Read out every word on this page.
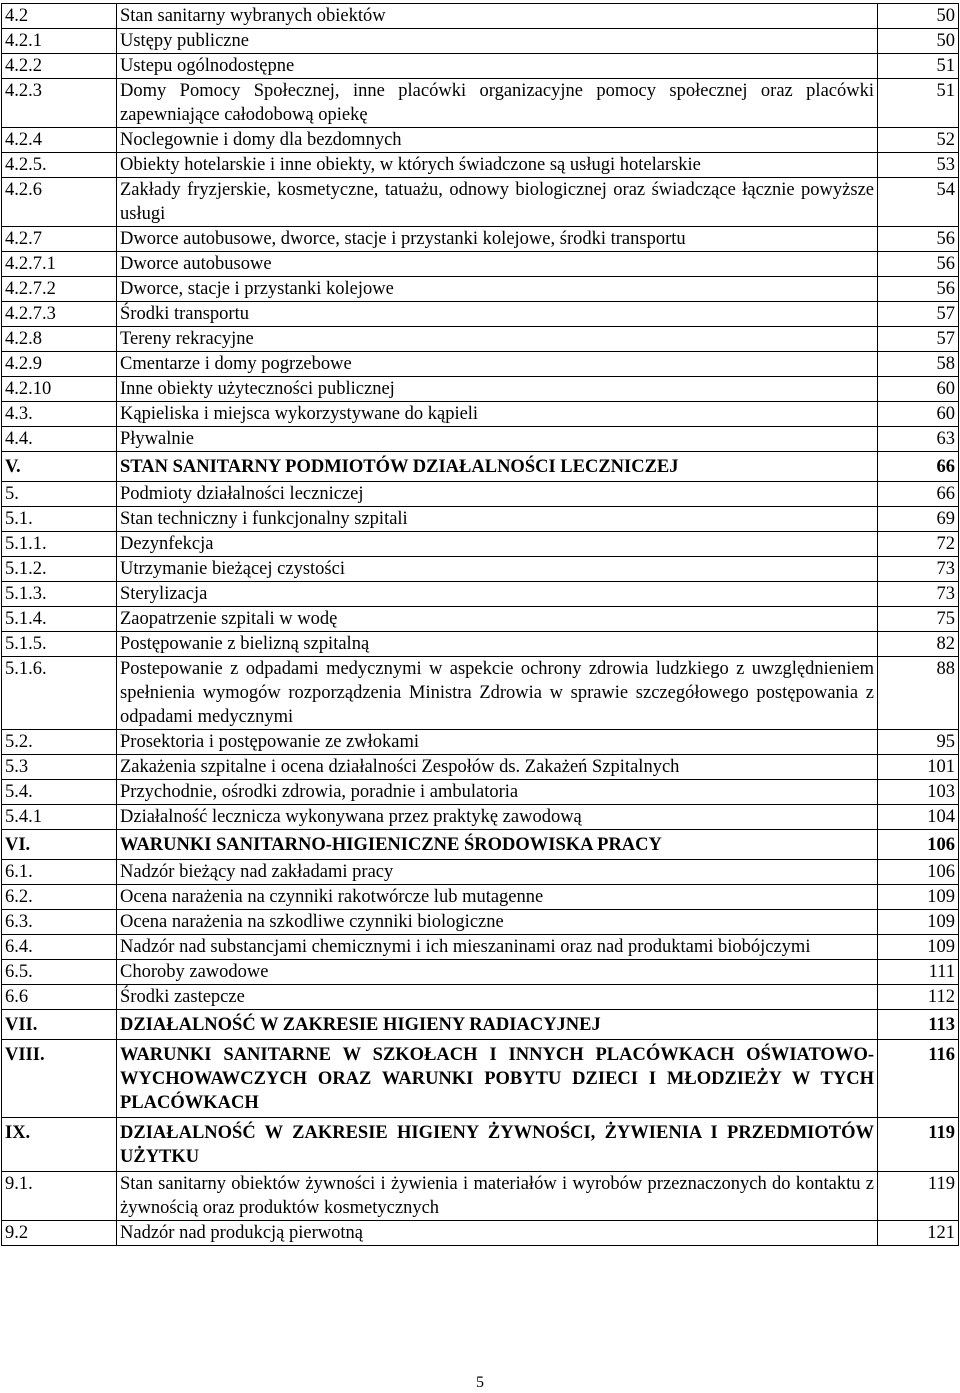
4.2	Stan sanitarny wybranych obiektów	50
4.2.1	Ustępy publiczne	50
4.2.2	Ustepu ogólnodostępne	51
4.2.3	Domy Pomocy Społecznej, inne placówki organizacyjne pomocy społecznej oraz placówki zapewniające całodobową opiekę	51
4.2.4	Noclegownie i domy dla bezdomnych	52
4.2.5.	Obiekty hotelarskie i inne obiekty, w których świadczone są usługi hotelarskie	53
4.2.6	Zakłady fryzjerskie, kosmetyczne, tatuażu, odnowy biologicznej oraz świadczące łącznie powyższe usługi	54
4.2.7	Dworce autobusowe, dworce, stacje i przystanki kolejowe, środki transportu	56
4.2.7.1	Dworce autobusowe	56
4.2.7.2	Dworce, stacje i przystanki kolejowe	56
4.2.7.3	Środki transportu	57
4.2.8	Tereny rekracyjne	57
4.2.9	Cmentarze i domy pogrzebowe	58
4.2.10	Inne obiekty użyteczności publicznej	60
4.3.	Kąpieliska i miejsca wykorzystywane do kąpieli	60
4.4.	Pływalnie	63
V.	STAN SANITARNY PODMIOTÓW DZIAŁALNOŚCI LECZNICZEJ	66
5.	Podmioty działalności leczniczej	66
5.1.	Stan techniczny i funkcjonalny szpitali	69
5.1.1.	Dezynfekcja	72
5.1.2.	Utrzymanie bieżącej czystości	73
5.1.3.	Sterylizacja	73
5.1.4.	Zaopatrzenie szpitali w wodę	75
5.1.5.	Postępowanie z bielizną szpitalną	82
5.1.6.	Postepowanie z odpadami medycznymi w aspekcie ochrony zdrowia ludzkiego z uwzględnieniem spełnienia wymogów rozporządzenia Ministra Zdrowia w sprawie szczegółowego postępowania z odpadami medycznymi	88
5.2.	Prosektoria i postępowanie ze zwłokami	95
5.3	Zakażenia szpitalne i ocena działalności Zespołów ds. Zakażeń Szpitalnych	101
5.4.	Przychodnie, ośrodki zdrowia, poradnie i ambulatoria	103
5.4.1	Działalność lecznicza wykonywana przez praktykę zawodową	104
VI.	WARUNKI SANITARNO-HIGIENICZNE ŚRODOWISKA PRACY	106
6.1.	Nadzór bieżący nad zakładami pracy	106
6.2.	Ocena narażenia na czynniki rakotwórcze lub mutagenne	109
6.3.	Ocena narażenia na szkodliwe czynniki biologiczne	109
6.4.	Nadzór nad substancjami chemicznymi i ich mieszaninami oraz nad produktami biobójczymi	109
6.5.	Choroby zawodowe	111
6.6	Środki zastepcze	112
VII.	DZIAŁALNOŚĆ W ZAKRESIE HIGIENY RADIACYJNEJ	113
VIII.	WARUNKI SANITARNE W SZKOŁACH I INNYCH PLACÓWKACH OŚWIATOWO-WYCHOWAWCZYCH ORAZ WARUNKI POBYTU DZIECI I MŁODZIEŻY W TYCH PLACÓWKACH	116
IX.	DZIAŁALNOŚĆ W ZAKRESIE HIGIENY ŻYWNOŚCI, ŻYWIENIA I PRZEDMIOTÓW UŻYTKU	119
9.1.	Stan sanitarny obiektów żywności i żywienia i materiałów i wyrobów przeznaczonych do kontaktu z żywnością oraz produktów kosmetycznych	119
9.2	Nadzór nad produkcją pierwotną	121
5
